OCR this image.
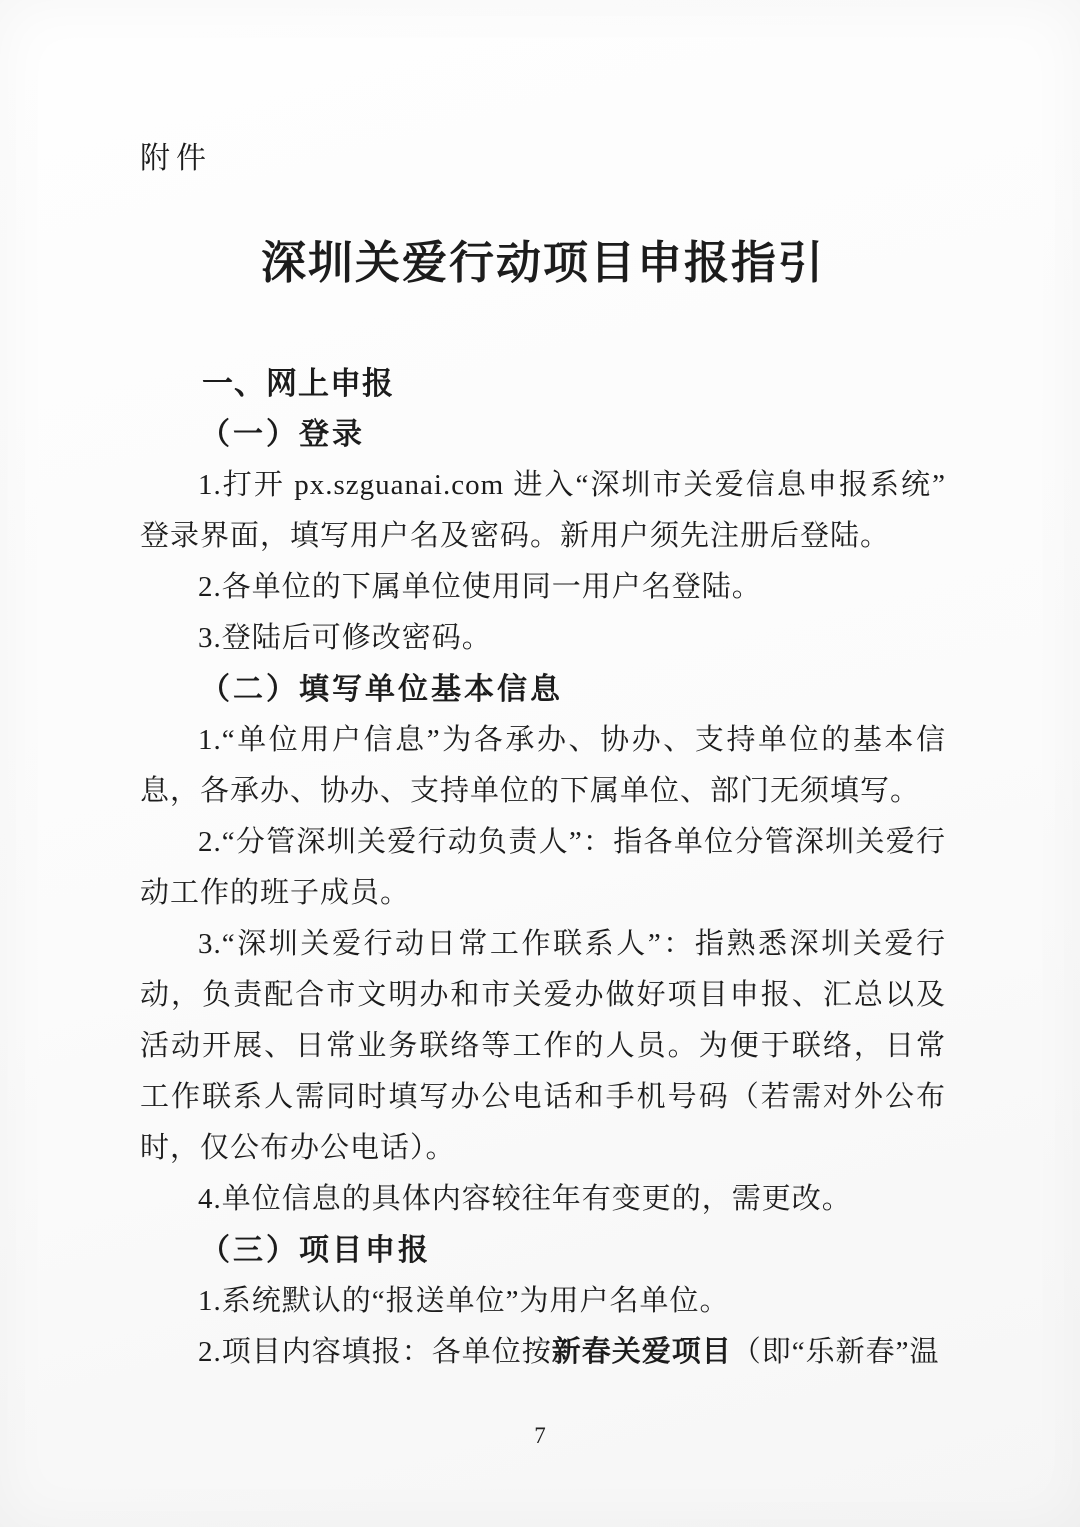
附件
深圳关爱行动项目申报指引
一、网上申报
（一）登录

1.打开 px.szguanai.com 进入“深圳市关爱信息申报系统”登录界面，填写用户名及密码。新用户须先注册后登陆。

2.各单位的下属单位使用同一用户名登陆。

3.登陆后可修改密码。

（二）填写单位基本信息

1.“单位用户信息”为各承办、协办、支持单位的基本信息，各承办、协办、支持单位的下属单位、部门无须填写。

2.“分管深圳关爱行动负责人”：指各单位分管深圳关爱行动工作的班子成员。

3.“深圳关爱行动日常工作联系人”：指熟悉深圳关爱行动，负责配合市文明办和市关爱办做好项目申报、汇总以及活动开展、日常业务联络等工作的人员。为便于联络，日常工作联系人需同时填写办公电话和手机号码（若需对外公布时，仅公布办公电话）。

4.单位信息的具体内容较往年有变更的，需更改。

（三）项目申报

1.系统默认的“报送单位”为用户名单位。

2.项目内容填报：各单位按新春关爱项目（即“乐新春”温

7
